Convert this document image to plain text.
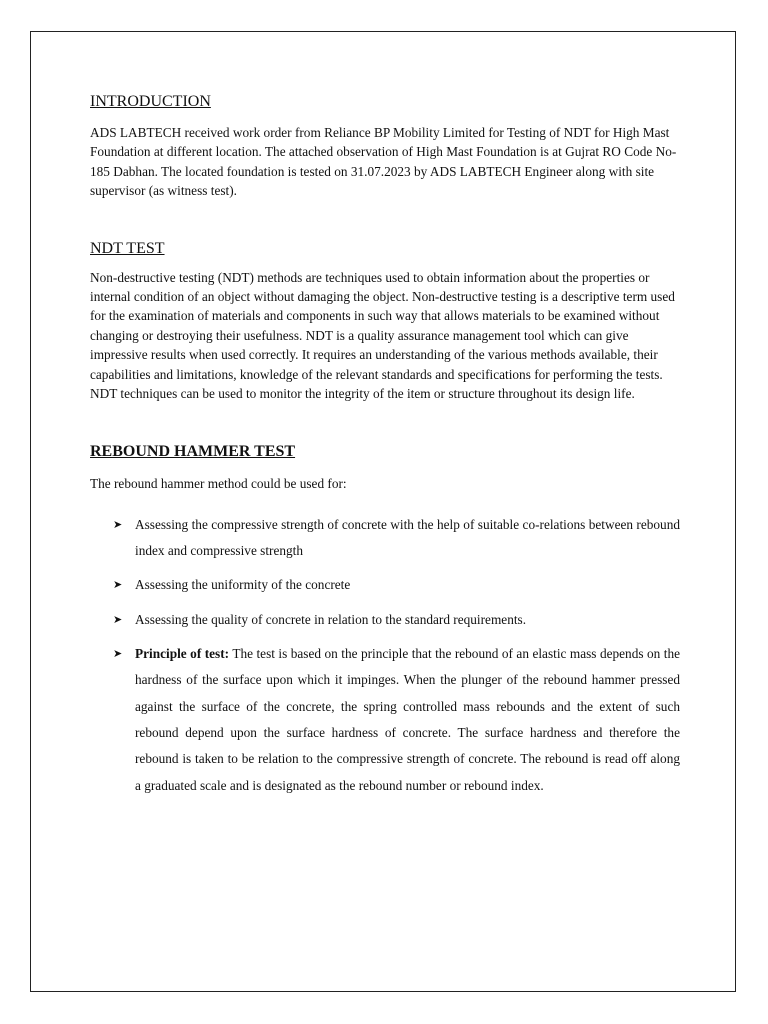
INTRODUCTION

ADS LABTECH received work order from Reliance BP Mobility Limited for Testing of NDT for High Mast Foundation at different location. The attached observation of High Mast Foundation is at Gujrat RO Code No- 185 Dabhan. The located foundation is tested on 31.07.2023 by ADS LABTECH Engineer along with site supervisor (as witness test).

NDT TEST

Non-destructive testing (NDT) methods are techniques used to obtain information about the properties or internal condition of an object without damaging the object. Non-destructive testing is a descriptive term used for the examination of materials and components in such way that allows materials to be examined without changing or destroying their usefulness. NDT is a quality assurance management tool which can give impressive results when used correctly. It requires an understanding of the various methods available, their capabilities and limitations, knowledge of the relevant standards and specifications for performing the tests. NDT techniques can be used to monitor the integrity of the item or structure throughout its design life.

REBOUND HAMMER TEST

The rebound hammer method could be used for:

➤ Assessing the compressive strength of concrete with the help of suitable co-relations between rebound index and compressive strength
➤ Assessing the uniformity of the concrete
➤ Assessing the quality of concrete in relation to the standard requirements.
➤ Principle of test: The test is based on the principle that the rebound of an elastic mass depends on the hardness of the surface upon which it impinges. When the plunger of the rebound hammer pressed against the surface of the concrete, the spring controlled mass rebounds and the extent of such rebound depend upon the surface hardness of concrete. The surface hardness and therefore the rebound is taken to be relation to the compressive strength of concrete. The rebound is read off along a graduated scale and is designated as the rebound number or rebound index.
